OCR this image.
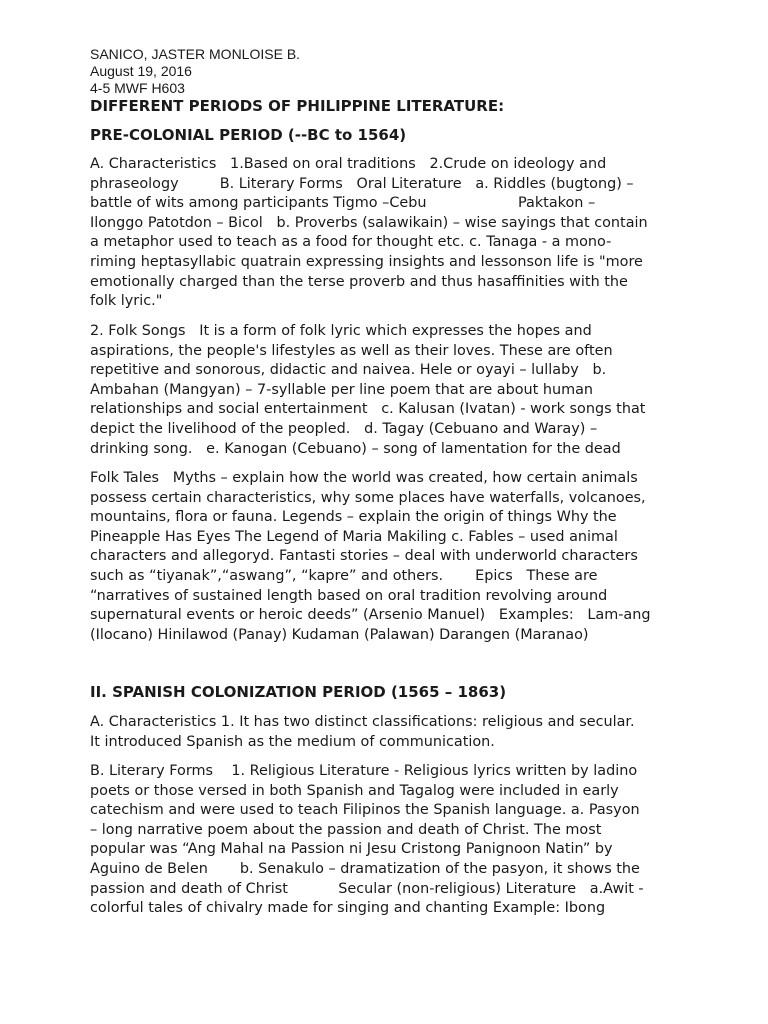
SANICO, JASTER MONLOISE B.
August 19, 2016
4-5 MWF H603
DIFFERENT PERIODS OF PHILIPPINE LITERATURE:
PRE-COLONIAL PERIOD (--BC to 1564)
A. Characteristics   1.Based on oral traditions   2.Crude on ideology and
phraseology         B. Literary Forms   Oral Literature   a. Riddles (bugtong) –
battle of wits among participants Tigmo –Cebu                    Paktakon –
Ilonggo Patotdon – Bicol   b. Proverbs (salawikain) – wise sayings that contain
a metaphor used to teach as a food for thought etc. c. Tanaga - a mono-
riming heptasyllabic quatrain expressing insights and lessonson life is "more
emotionally charged than the terse proverb and thus hasaffinities with the
folk lyric."
2. Folk Songs   It is a form of folk lyric which expresses the hopes and
aspirations, the people's lifestyles as well as their loves. These are often
repetitive and sonorous, didactic and naivea. Hele or oyayi – lullaby   b.
Ambahan (Mangyan) – 7-syllable per line poem that are about human
relationships and social entertainment   c. Kalusan (Ivatan) - work songs that
depict the livelihood of the peopled.   d. Tagay (Cebuano and Waray) –
drinking song.   e. Kanogan (Cebuano) – song of lamentation for the dead
Folk Tales   Myths – explain how the world was created, how certain animals
possess certain characteristics, why some places have waterfalls, volcanoes,
mountains, flora or fauna. Legends – explain the origin of things Why the
Pineapple Has Eyes The Legend of Maria Makiling c. Fables – used animal
characters and allegoryd. Fantasti stories – deal with underworld characters
such as “tiyanak”,“aswang”, “kapre” and others.       Epics   These are
“narratives of sustained length based on oral tradition revolving around
supernatural events or heroic deeds” (Arsenio Manuel)   Examples:   Lam-ang
(Ilocano) Hinilawod (Panay) Kudaman (Palawan) Darangen (Maranao)
II. SPANISH COLONIZATION PERIOD (1565 – 1863)
A. Characteristics 1. It has two distinct classifications: religious and secular.
It introduced Spanish as the medium of communication.
B. Literary Forms    1. Religious Literature - Religious lyrics written by ladino
poets or those versed in both Spanish and Tagalog were included in early
catechism and were used to teach Filipinos the Spanish language. a. Pasyon
– long narrative poem about the passion and death of Christ. The most
popular was “Ang Mahal na Passion ni Jesu Cristong Panignoon Natin” by
Aguino de Belen       b. Senakulo – dramatization of the pasyon, it shows the
passion and death of Christ           Secular (non-religious) Literature   a.Awit -
colorful tales of chivalry made for singing and chanting Example: Ibong
